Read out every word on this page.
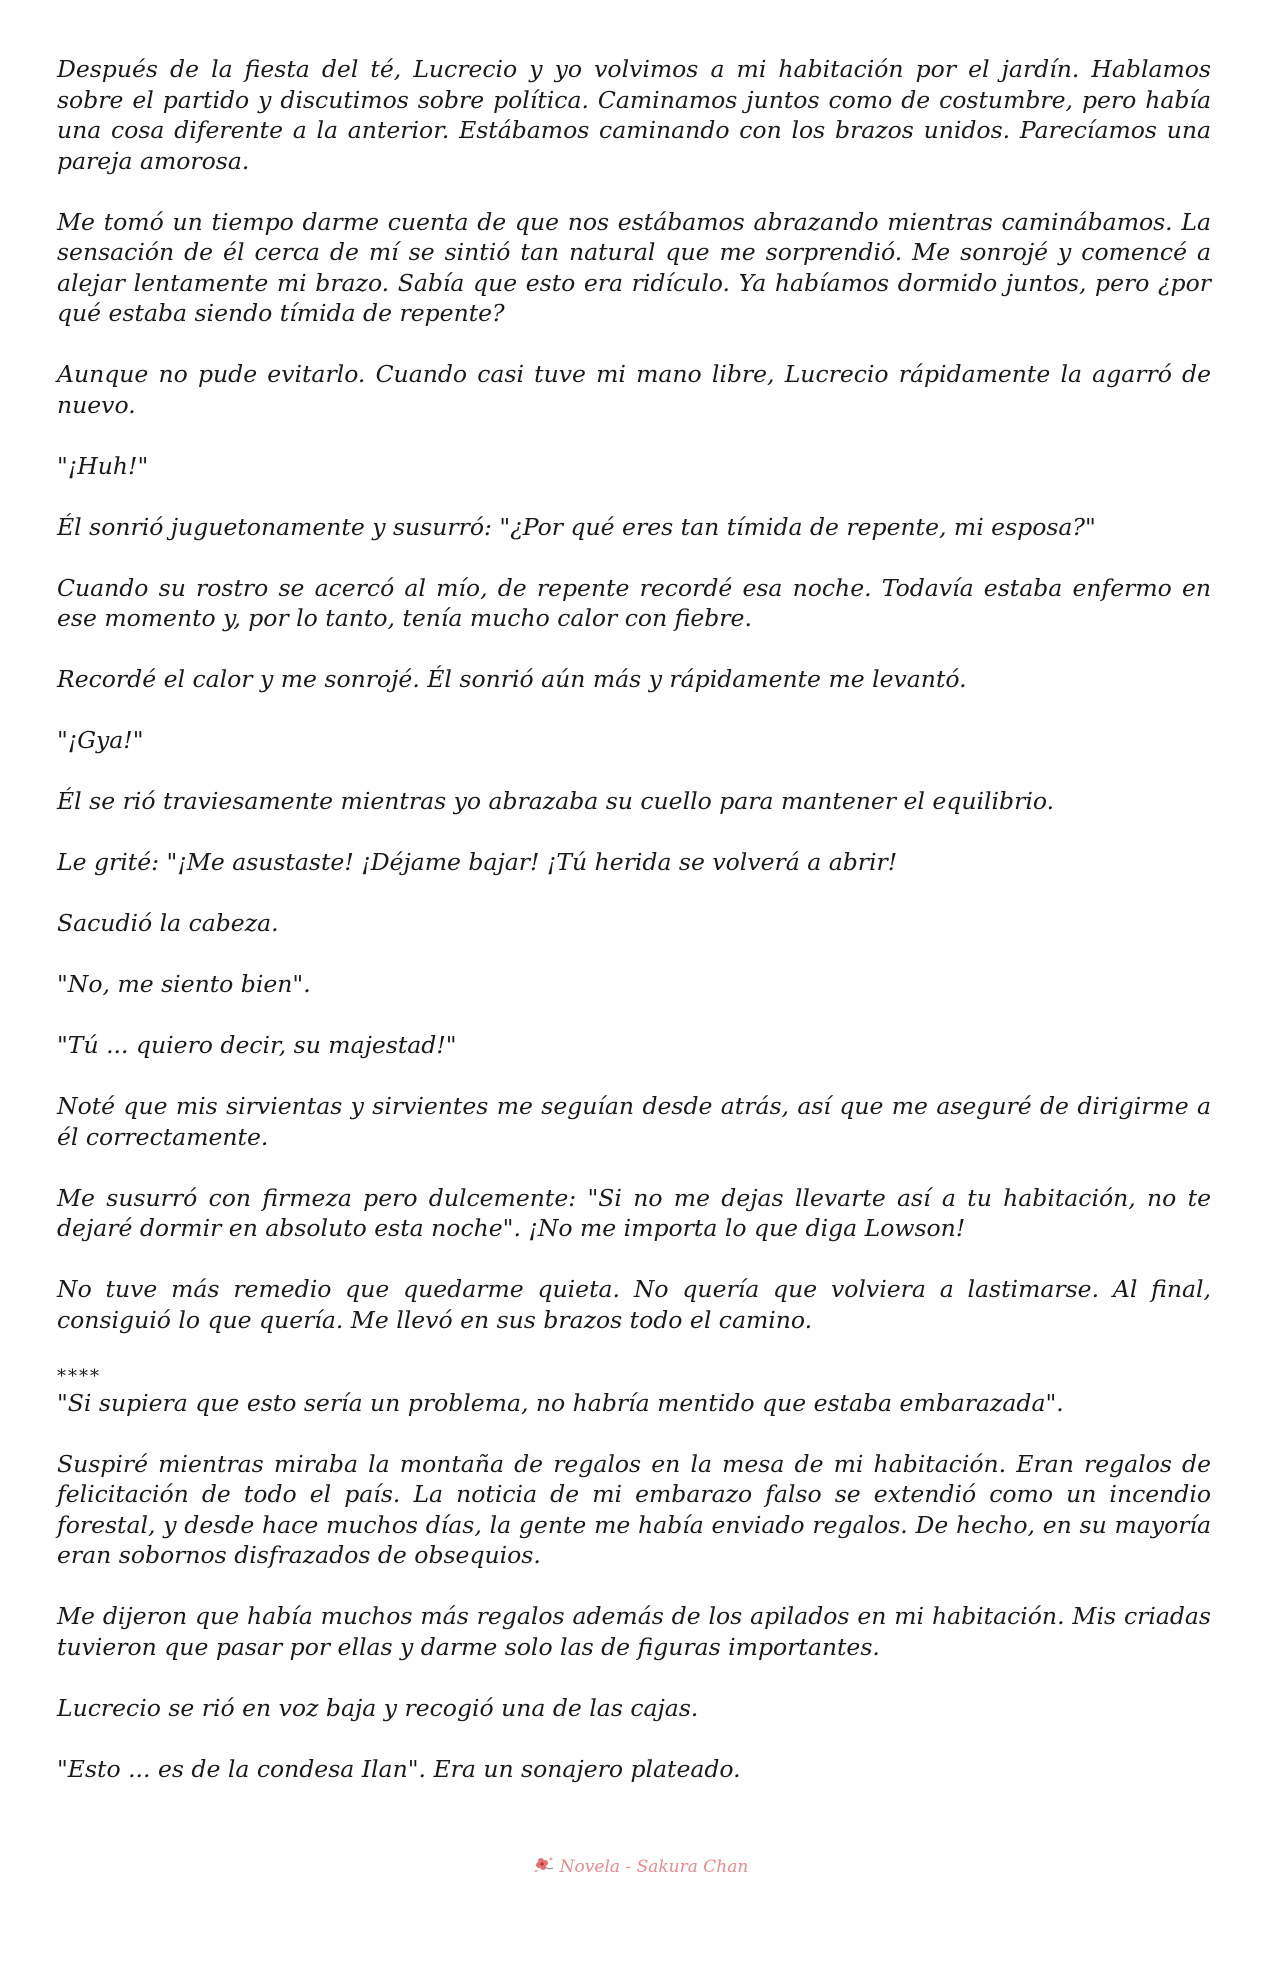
Después de la fiesta del té, Lucrecio y yo volvimos a mi habitación por el jardín. Hablamos sobre el partido y discutimos sobre política. Caminamos juntos como de costumbre, pero había una cosa diferente a la anterior. Estábamos caminando con los brazos unidos. Parecíamos una pareja amorosa.

Me tomó un tiempo darme cuenta de que nos estábamos abrazando mientras caminábamos. La sensación de él cerca de mí se sintió tan natural que me sorprendió. Me sonrojé y comencé a alejar lentamente mi brazo. Sabía que esto era ridículo. Ya habíamos dormido juntos, pero ¿por qué estaba siendo tímida de repente?

Aunque no pude evitarlo. Cuando casi tuve mi mano libre, Lucrecio rápidamente la agarró de nuevo.

"¡Huh!"

Él sonrió juguetonamente y susurró: "¿Por qué eres tan tímida de repente, mi esposa?"

Cuando su rostro se acercó al mío, de repente recordé esa noche. Todavía estaba enfermo en ese momento y, por lo tanto, tenía mucho calor con fiebre.

Recordé el calor y me sonrojé. Él sonrió aún más y rápidamente me levantó.

"¡Gya!"

Él se rió traviesamente mientras yo abrazaba su cuello para mantener el equilibrio.

Le grité: "¡Me asustaste! ¡Déjame bajar! ¡Tú herida se volverá a abrir!

Sacudió la cabeza.

"No, me siento bien".

"Tú ... quiero decir, su majestad!"

Noté que mis sirvientas y sirvientes me seguían desde atrás, así que me aseguré de dirigirme a él correctamente.

Me susurró con firmeza pero dulcemente: "Si no me dejas llevarte así a tu habitación, no te dejaré dormir en absoluto esta noche". ¡No me importa lo que diga Lowson!

No tuve más remedio que quedarme quieta. No quería que volviera a lastimarse. Al final, consiguió lo que quería. Me llevó en sus brazos todo el camino.

****

"Si supiera que esto sería un problema, no habría mentido que estaba embarazada".

Suspiré mientras miraba la montaña de regalos en la mesa de mi habitación. Eran regalos de felicitación de todo el país. La noticia de mi embarazo falso se extendió como un incendio forestal, y desde hace muchos días, la gente me había enviado regalos. De hecho, en su mayoría eran sobornos disfrazados de obsequios.

Me dijeron que había muchos más regalos además de los apilados en mi habitación. Mis criadas tuvieron que pasar por ellas y darme solo las de figuras importantes.

Lucrecio se rió en voz baja y recogió una de las cajas.

"Esto ... es de la condesa Ilan". Era un sonajero plateado.

Novela - Sakura Chan
